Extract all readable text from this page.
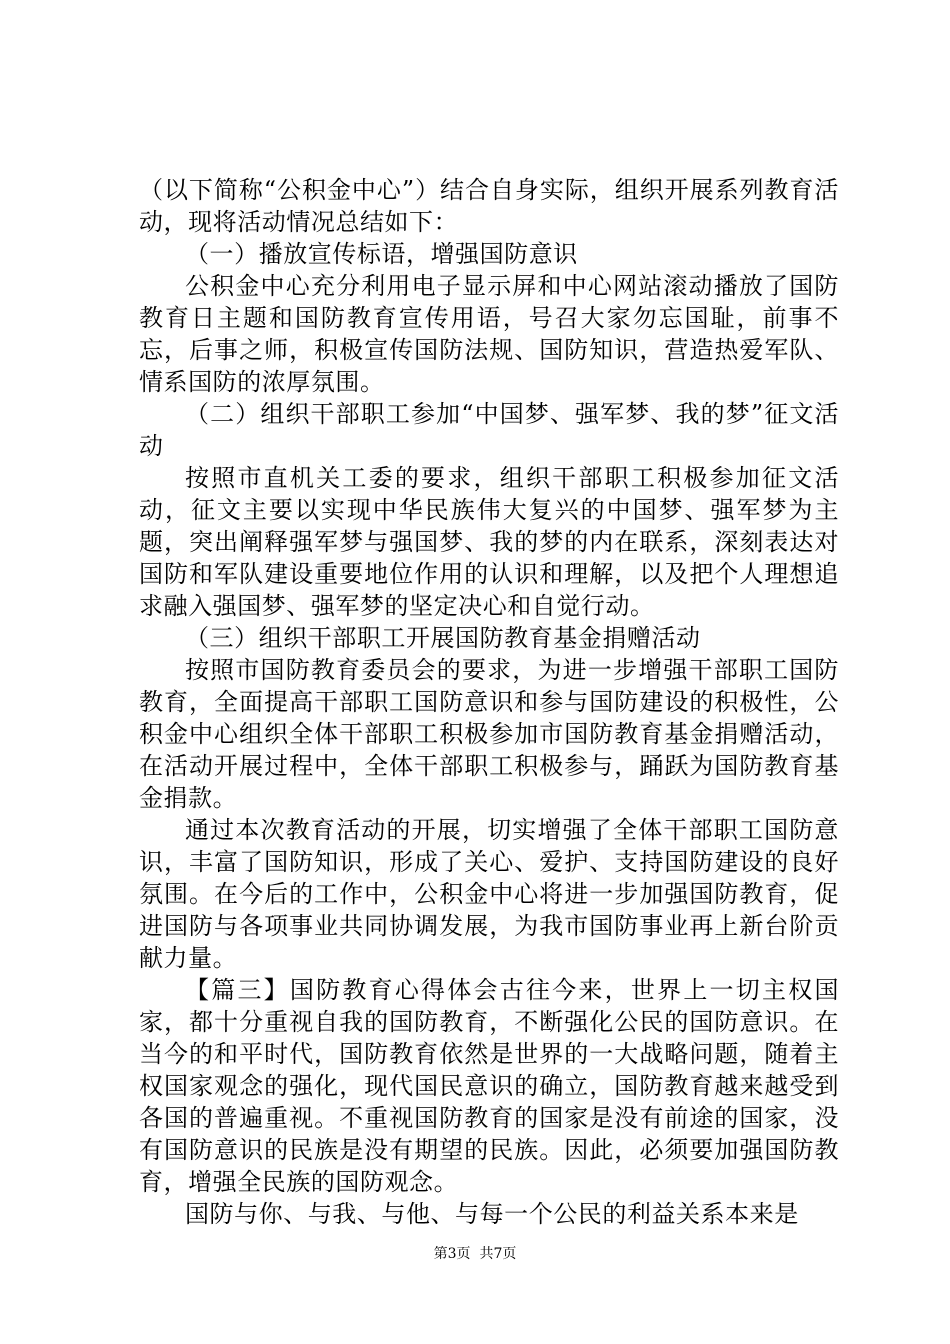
（以下简称“公积金中心”）结合自身实际，组织开展系列教育活动，现将活动情况总结如下：

（一）播放宣传标语，增强国防意识

公积金中心充分利用电子显示屏和中心网站滚动播放了国防教育日主题和国防教育宣传用语，号召大家勿忘国耻，前事不忘，后事之师，积极宣传国防法规、国防知识，营造热爱军队、情系国防的浓厚氛围。

（二）组织干部职工参加“中国梦、强军梦、我的梦”征文活动

按照市直机关工委的要求，组织干部职工积极参加征文活动，征文主要以实现中华民族伟大复兴的中国梦、强军梦为主题，突出阐释强军梦与强国梦、我的梦的内在联系，深刻表达对国防和军队建设重要地位作用的认识和理解，以及把个人理想追求融入强国梦、强军梦的坚定决心和自觉行动。

（三）组织干部职工开展国防教育基金捐赠活动

按照市国防教育委员会的要求，为进一步增强干部职工国防教育，全面提高干部职工国防意识和参与国防建设的积极性，公积金中心组织全体干部职工积极参加市国防教育基金捐赠活动，在活动开展过程中，全体干部职工积极参与，踊跃为国防教育基金捐款。

通过本次教育活动的开展，切实增强了全体干部职工国防意识，丰富了国防知识，形成了关心、爱护、支持国防建设的良好氛围。在今后的工作中，公积金中心将进一步加强国防教育，促进国防与各项事业共同协调发展，为我市国防事业再上新台阶贡献力量。

【篇三】国防教育心得体会古往今来，世界上一切主权国家，都十分重视自我的国防教育，不断强化公民的国防意识。在当今的和平时代，国防教育依然是世界的一大战略问题，随着主权国家观念的强化，现代国民意识的确立，国防教育越来越受到各国的普遍重视。不重视国防教育的国家是没有前途的国家，没有国防意识的民族是没有期望的民族。因此，必须要加强国防教育，增强全民族的国防观念。

国防与你、与我、与他、与每一个公民的利益关系本来是

第3页  共7页
